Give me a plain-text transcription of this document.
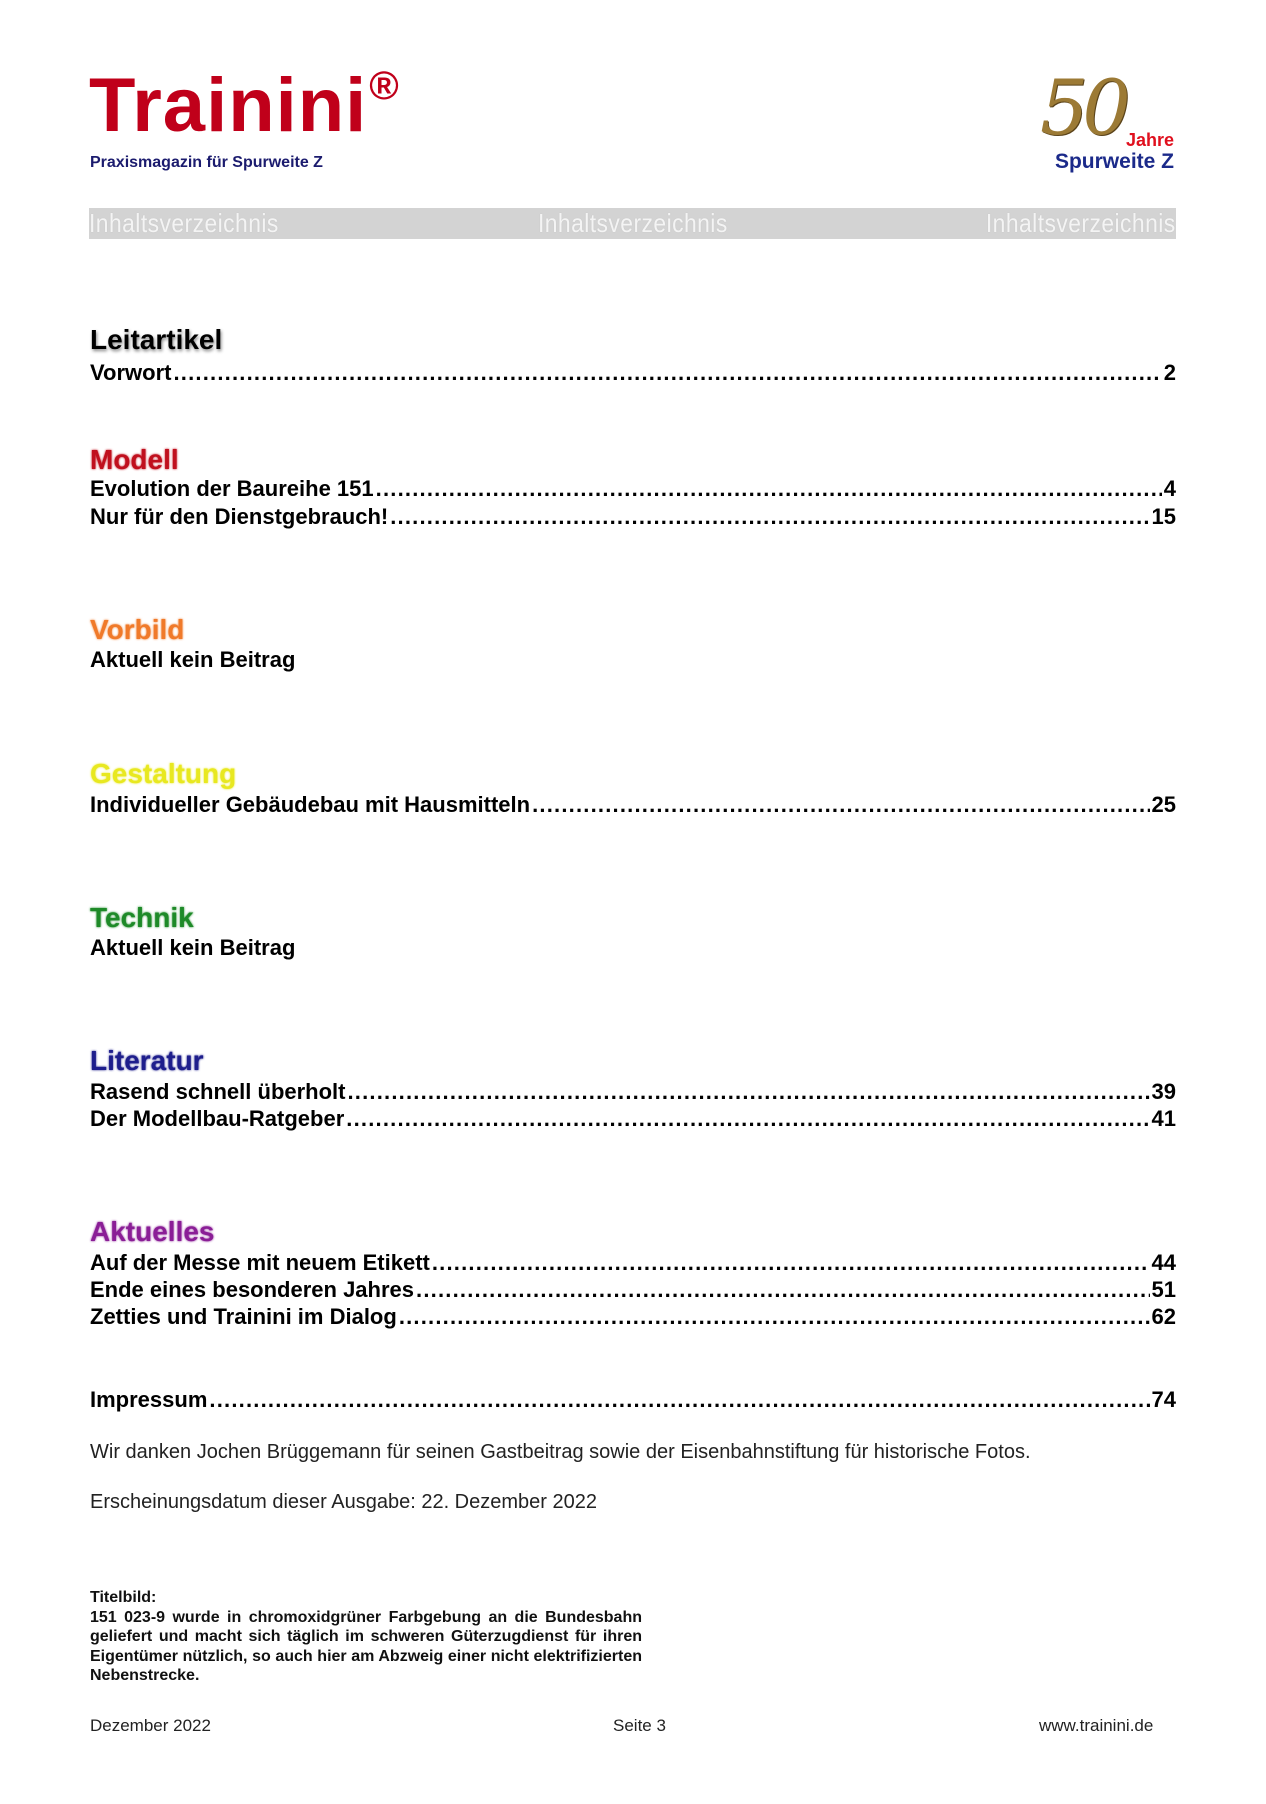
Trainini®
Praxismagazin für Spurweite Z
50 Jahre
Spurweite Z
Inhaltsverzeichnis	Inhaltsverzeichnis	Inhaltsverzeichnis
Leitartikel
Vorwort .....	2
Modell
Evolution der Baureihe 151 .....	4
Nur für den Dienstgebrauch! .....	15
Vorbild
Aktuell kein Beitrag
Gestaltung
Individueller Gebäudebau mit Hausmitteln .....	25
Technik
Aktuell kein Beitrag
Literatur
Rasend schnell überholt .....	39
Der Modellbau-Ratgeber .....	41
Aktuelles
Auf der Messe mit neuem Etikett .....	44
Ende eines besonderen Jahres .....	51
Zetties und Trainini im Dialog .....	62
Impressum .....	74
Wir danken Jochen Brüggemann für seinen Gastbeitrag sowie der Eisenbahnstiftung für historische Fotos.
Erscheinungsdatum dieser Ausgabe: 22. Dezember 2022
Titelbild:
151 023-9 wurde in chromoxidgrüner Farbgebung an die Bundesbahn geliefert und macht sich täglich im schweren Güterzugdienst für ihren Eigentümer nützlich, so auch hier am Abzweig einer nicht elektrifizierten Nebenstrecke.
Dezember 2022	Seite 3	www.trainini.de
